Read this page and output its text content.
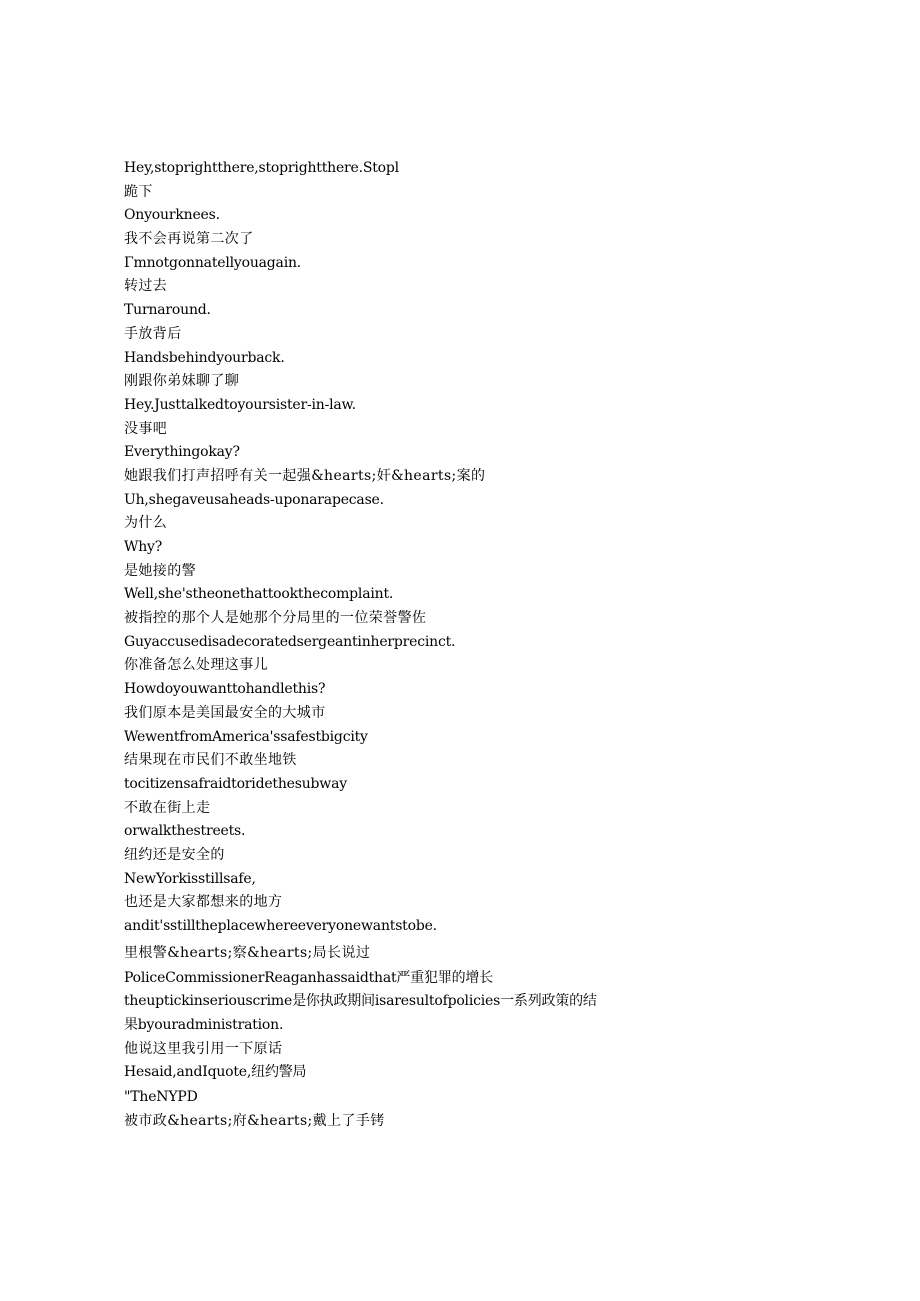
Hey,stoprightthere,stoprightthere.Stopl
跪下
Onyourknees.
我不会再说第二次了
Γmnotgonnatellyouagain.
转过去
Turnaround.
手放背后
Handsbehindyourback.
刚跟你弟妹聊了聊
Hey.Justtalkedtoyoursister-in-law.
没事吧
Everythingokay?
她跟我们打声招呼有关一起强&hearts;奸&hearts;案的
Uh,shegaveusaheads-uponarapecase.
为什么
Why?
是她接的警
Well,she'stheonethattookthecomplaint.
被指控的那个人是她那个分局里的一位荣誉警佐
Guyaccusedisadecoratedsergeantinherprecinct.
你准备怎么处理这事儿
Howdoyouwanttohandlethis?
我们原本是美国最安全的大城市
WewentfromAmerica'ssafestbigcity
结果现在市民们不敢坐地铁
tocitizensafraidtoridethesubway
不敢在街上走
orwalkthestreets.
纽约还是安全的
NewYorkisstillsafe,
也还是大家都想来的地方
andit'sstilltheplacewhereeveryonewantstobe.
里根警&hearts;察&hearts;局长说过
PoliceCommissionerReaganhassaidthat严重犯罪的增长
theuptickinseriouscrime是你执政期间isaresultofpolicies一系列政策的结
果byouradministration.
他说这里我引用一下原话
Hesaid,andIquote,纽约警局
"TheNYPD
被市政&hearts;府&hearts;戴上了手铐
